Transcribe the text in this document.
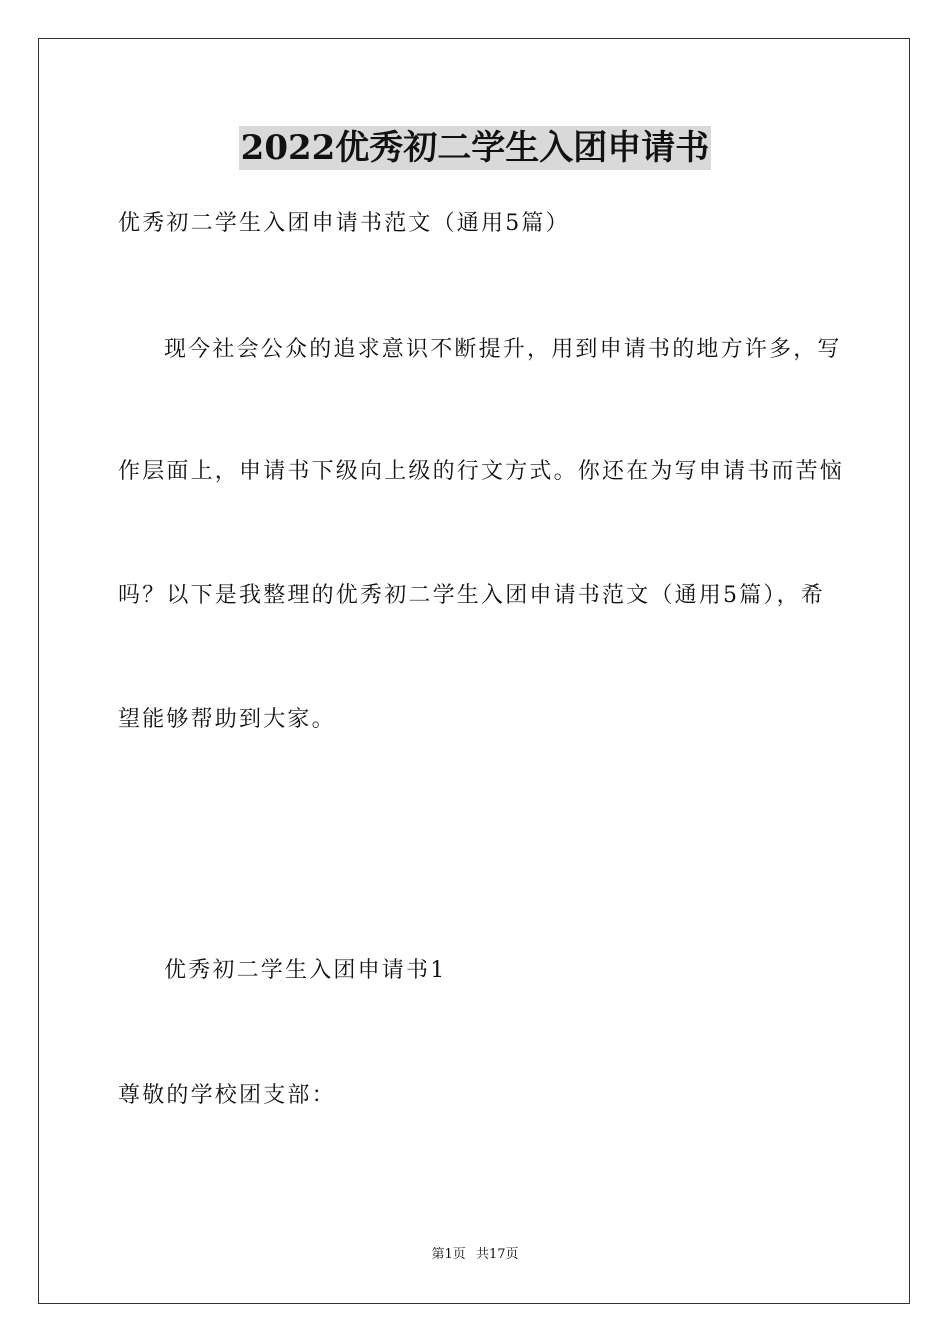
2022优秀初二学生入团申请书
优秀初二学生入团申请书范文（通用5篇）
现今社会公众的追求意识不断提升，用到申请书的地方许多，写
作层面上，申请书下级向上级的行文方式。你还在为写申请书而苦恼
吗？以下是我整理的优秀初二学生入团申请书范文（通用5篇），希
望能够帮助到大家。
优秀初二学生入团申请书1
尊敬的学校团支部：
第1页 共17页
